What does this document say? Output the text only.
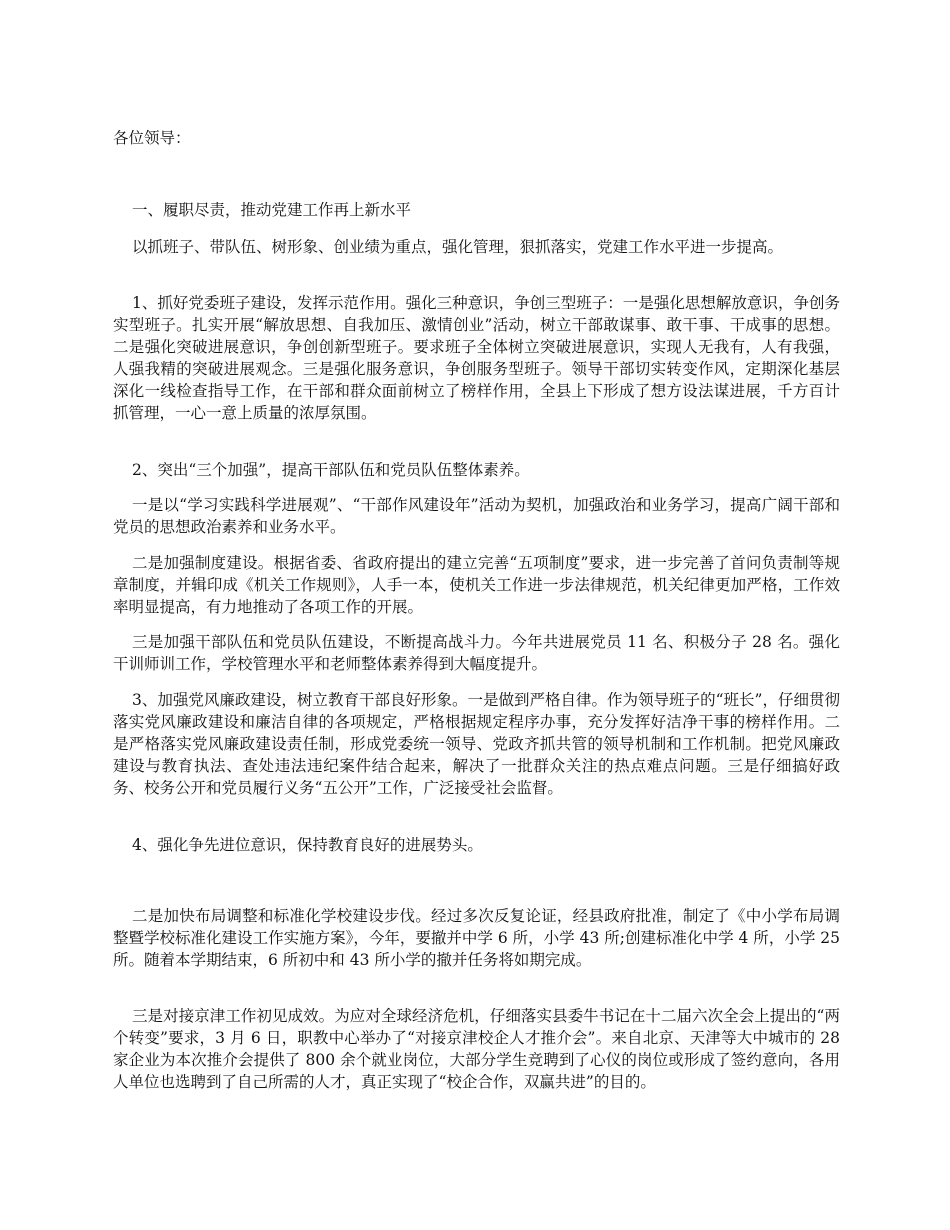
各位领导：

一、履职尽责，推动党建工作再上新水平

以抓班子、带队伍、树形象、创业绩为重点，强化管理，狠抓落实，党建工作水平进一步提高。

1、抓好党委班子建设，发挥示范作用。强化三种意识，争创三型班子：一是强化思想解放意识，争创务实型班子。扎实开展“解放思想、自我加压、激情创业”活动，树立干部敢谋事、敢干事、干成事的思想。二是强化突破进展意识，争创创新型班子。要求班子全体树立突破进展意识，实现人无我有，人有我强，人强我精的突破进展观念。三是强化服务意识，争创服务型班子。领导干部切实转变作风，定期深化基层深化一线检查指导工作，在干部和群众面前树立了榜样作用，全县上下形成了想方设法谋进展，千方百计抓管理，一心一意上质量的浓厚氛围。

2、突出“三个加强”，提高干部队伍和党员队伍整体素养。

一是以“学习实践科学进展观”、“干部作风建设年”活动为契机，加强政治和业务学习，提高广阔干部和党员的思想政治素养和业务水平。

二是加强制度建设。根据省委、省政府提出的建立完善“五项制度”要求，进一步完善了首问负责制等规章制度，并辑印成《机关工作规则》，人手一本，使机关工作进一步法律规范，机关纪律更加严格，工作效率明显提高，有力地推动了各项工作的开展。

三是加强干部队伍和党员队伍建设，不断提高战斗力。今年共进展党员 11 名、积极分子 28 名。强化干训师训工作，学校管理水平和老师整体素养得到大幅度提升。

3、加强党风廉政建设，树立教育干部良好形象。一是做到严格自律。作为领导班子的“班长”，仔细贯彻落实党风廉政建设和廉洁自律的各项规定，严格根据规定程序办事，充分发挥好洁净干事的榜样作用。二是严格落实党风廉政建设责任制，形成党委统一领导、党政齐抓共管的领导机制和工作机制。把党风廉政建设与教育执法、查处违法违纪案件结合起来，解决了一批群众关注的热点难点问题。三是仔细搞好政务、校务公开和党员履行义务“五公开”工作，广泛接受社会监督。

4、强化争先进位意识，保持教育良好的进展势头。

二是加快布局调整和标准化学校建设步伐。经过多次反复论证，经县政府批准，制定了《中小学布局调整暨学校标准化建设工作实施方案》，今年，要撤并中学 6 所，小学 43 所;创建标准化中学 4 所，小学 25 所。随着本学期结束，6 所初中和 43 所小学的撤并任务将如期完成。

三是对接京津工作初见成效。为应对全球经济危机，仔细落实县委牛书记在十二届六次全会上提出的“两个转变”要求，3 月 6 日，职教中心举办了“对接京津校企人才推介会”。来自北京、天津等大中城市的 28 家企业为本次推介会提供了 800 余个就业岗位，大部分学生竞聘到了心仪的岗位或形成了签约意向，各用人单位也选聘到了自己所需的人才，真正实现了“校企合作，双赢共进”的目的。
